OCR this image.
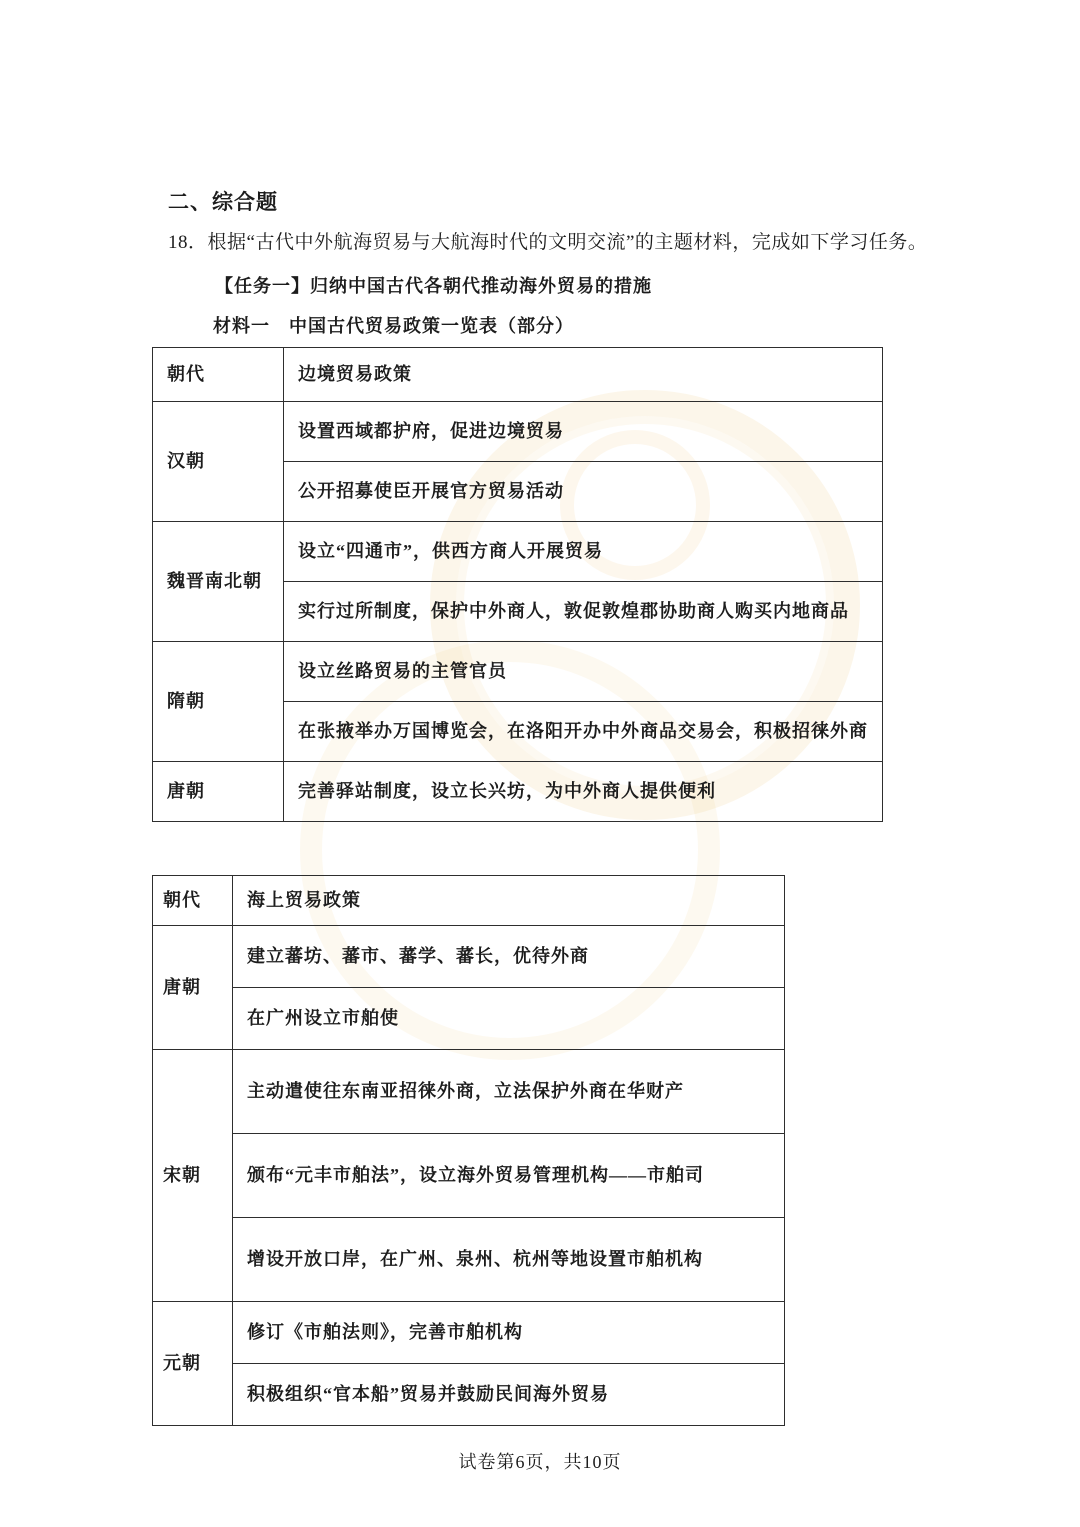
二、综合题
18．根据“古代中外航海贸易与大航海时代的文明交流”的主题材料，完成如下学习任务。
【任务一】归纳中国古代各朝代推动海外贸易的措施
材料一　中国古代贸易政策一览表（部分）
朝代	边境贸易政策
汉朝	设置西域都护府，促进边境贸易
	公开招募使臣开展官方贸易活动
魏晋南北朝	设立“四通市”，供西方商人开展贸易
	实行过所制度，保护中外商人，敦促敦煌郡协助商人购买内地商品
隋朝	设立丝路贸易的主管官员
	在张掖举办万国博览会，在洛阳开办中外商品交易会，积极招徕外商
唐朝	完善驿站制度，设立长兴坊，为中外商人提供便利
朝代	海上贸易政策
唐朝	建立蕃坊、蕃市、蕃学、蕃长，优待外商
	在广州设立市舶使
宋朝	主动遣使往东南亚招徕外商，立法保护外商在华财产
	颁布“元丰市舶法”，设立海外贸易管理机构——市舶司
	增设开放口岸，在广州、泉州、杭州等地设置市舶机构
元朝	修订《市舶法则》，完善市舶机构
	积极组织“官本船”贸易并鼓励民间海外贸易
试卷第6页，共10页
